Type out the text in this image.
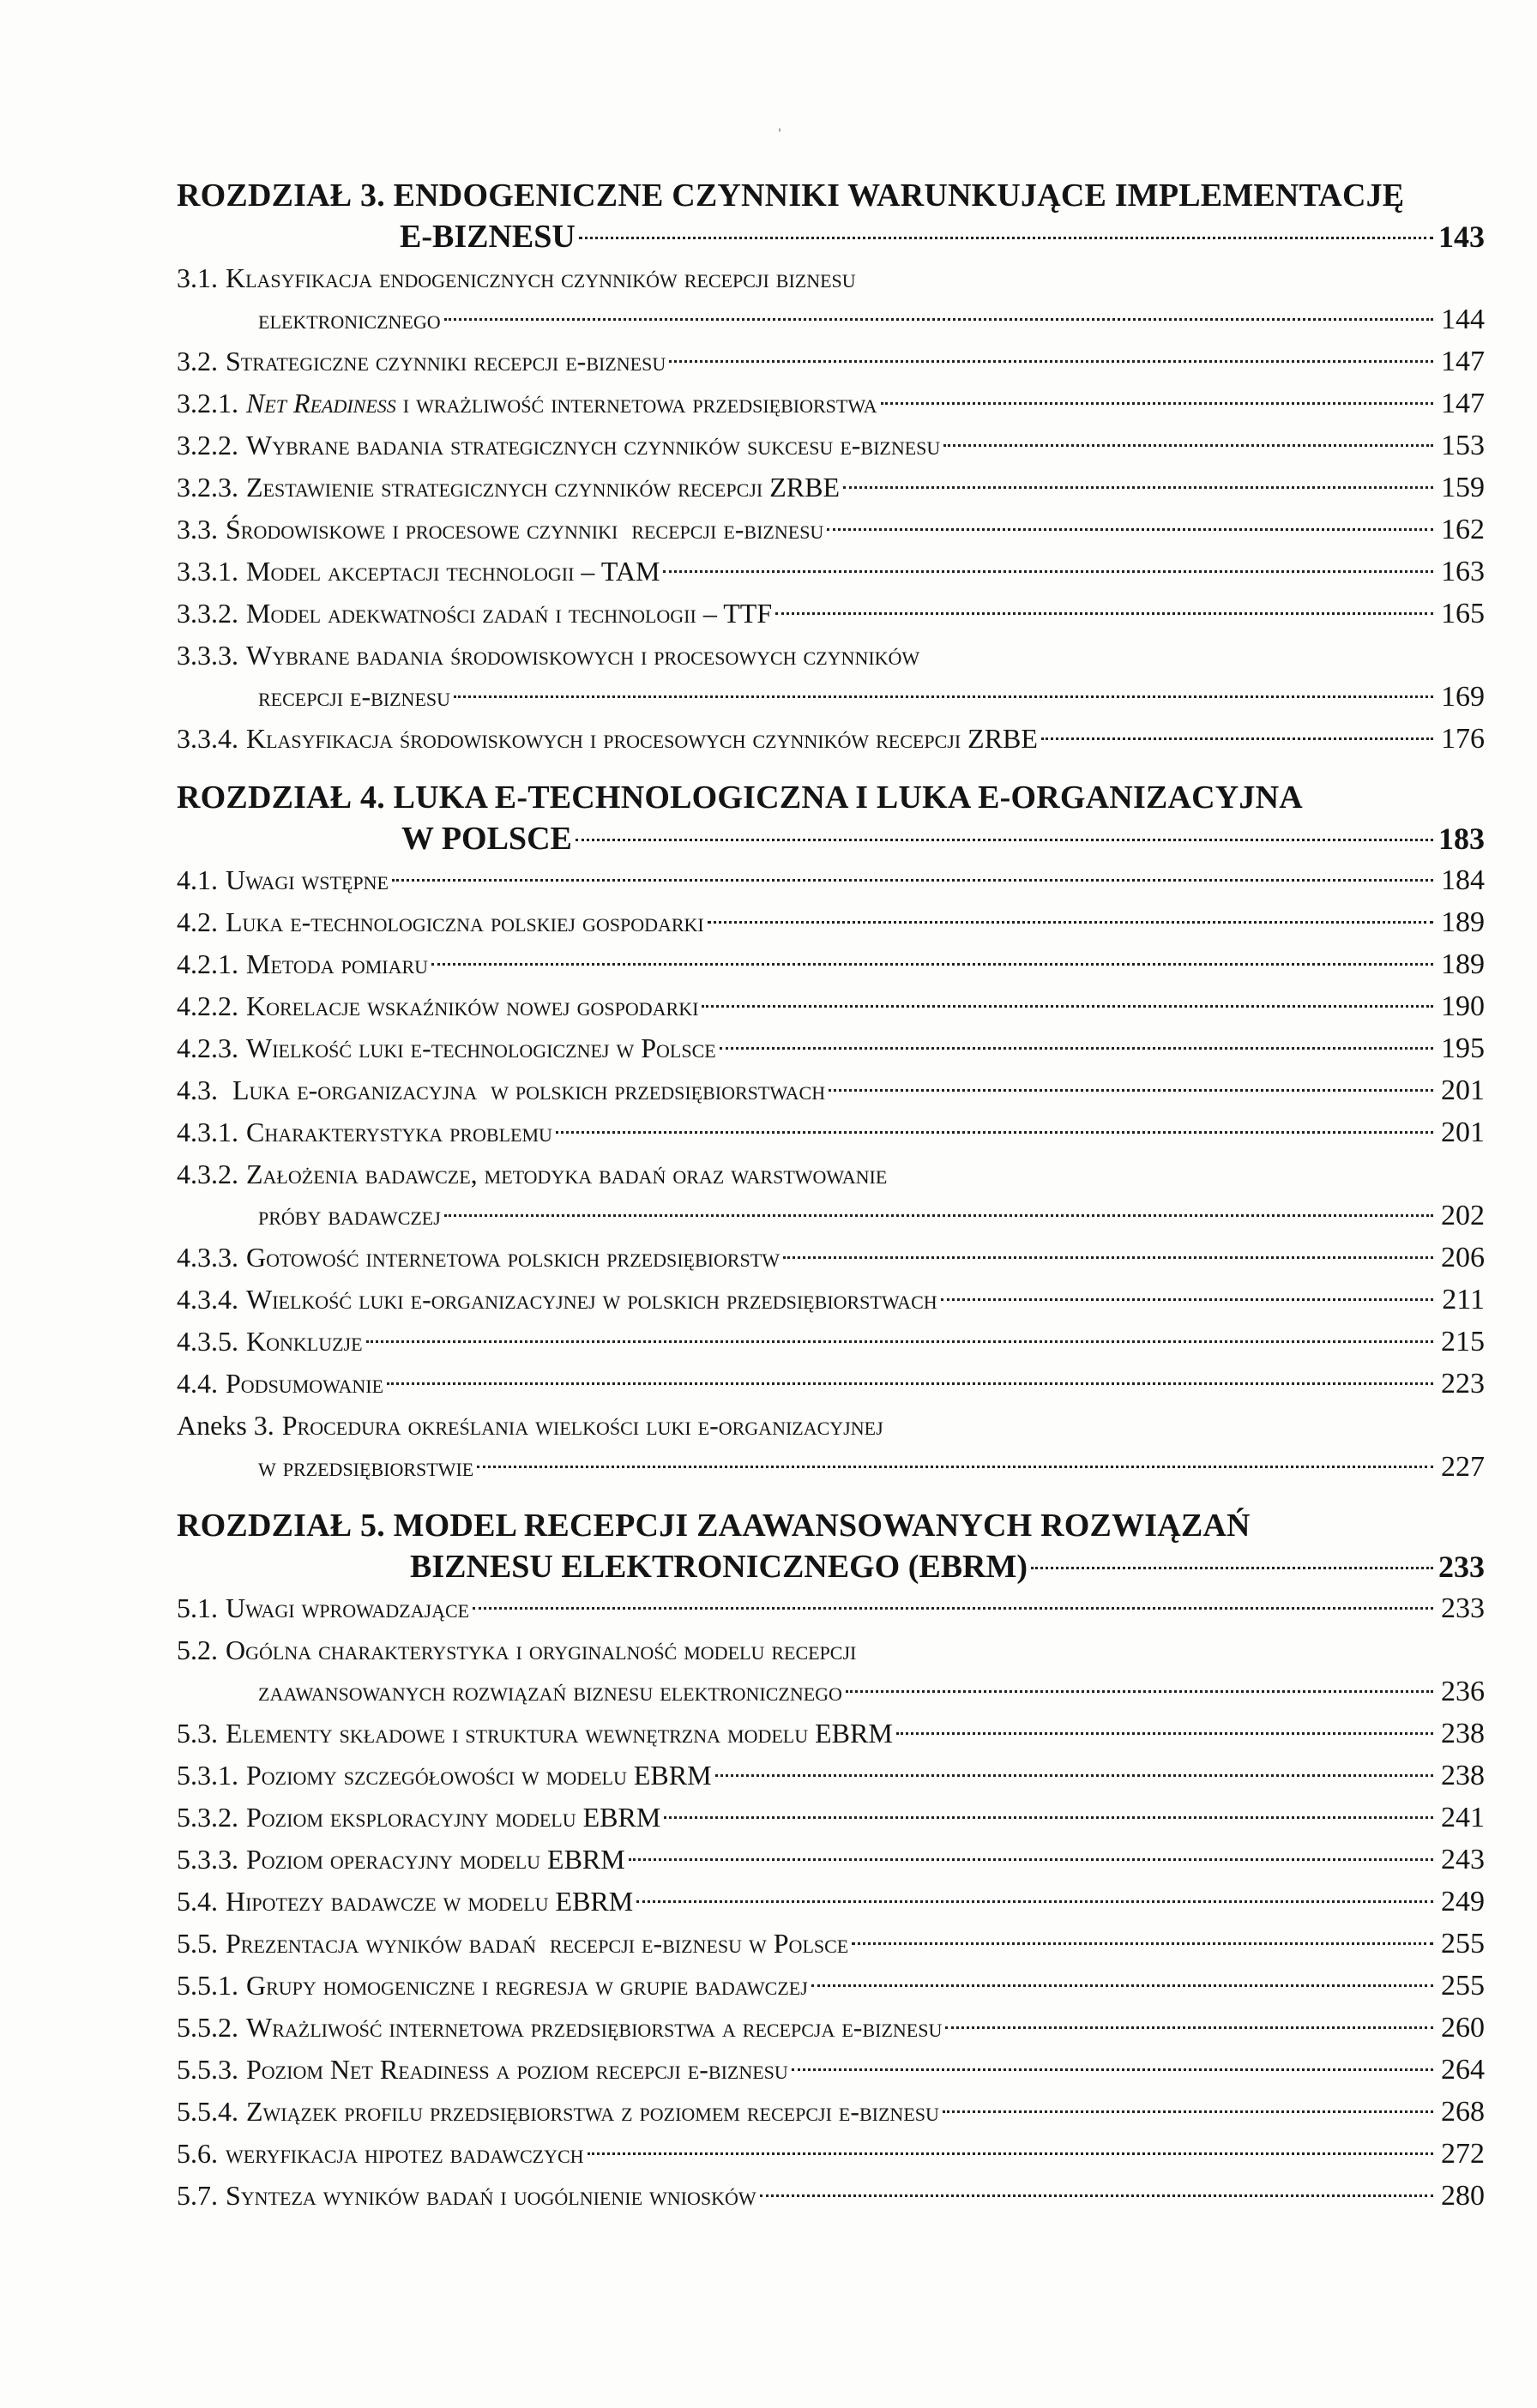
ˌ
ROZDZIAŁ 3. ENDOGENICZNE CZYNNIKI WARUNKUJĄCE IMPLEMENTACJĘ
E-BIZNESU	143
3.1. Klasyfikacja endogenicznych czynników recepcji biznesu
elektronicznego	144
3.2. Strategiczne czynniki recepcji e-biznesu	147
3.2.1. Net Readiness i wrażliwość internetowa przedsiębiorstwa	147
3.2.2. Wybrane badania strategicznych czynników sukcesu e-biznesu	153
3.2.3. Zestawienie strategicznych czynników recepcji ZRBE	159
3.3. Środowiskowe i procesowe czynniki  recepcji e-biznesu	162
3.3.1. Model akceptacji technologii – TAM	163
3.3.2. Model adekwatności zadań i technologii – TTF	165
3.3.3. Wybrane badania środowiskowych i procesowych czynników
recepcji e-biznesu	169
3.3.4. Klasyfikacja środowiskowych i procesowych czynników recepcji ZRBE	176
ROZDZIAŁ 4. LUKA E-TECHNOLOGICZNA I LUKA E-ORGANIZACYJNA
W POLSCE	183
4.1. Uwagi wstępne	184
4.2. Luka e-technologiczna polskiej gospodarki	189
4.2.1. Metoda pomiaru	189
4.2.2. Korelacje wskaźników nowej gospodarki	190
4.2.3. Wielkość luki e-technologicznej w Polsce	195
4.3. Luka e-organizacyjna  w polskich przedsiębiorstwach	201
4.3.1. Charakterystyka problemu	201
4.3.2. Założenia badawcze, metodyka badań oraz warstwowanie
próby badawczej	202
4.3.3. Gotowość internetowa polskich przedsiębiorstw	206
4.3.4. Wielkość luki e-organizacyjnej w polskich przedsiębiorstwach	211
4.3.5. Konkluzje	215
4.4. Podsumowanie	223
Aneks 3. Procedura określania wielkości luki e-organizacyjnej
w przedsiębiorstwie	227
ROZDZIAŁ 5. MODEL RECEPCJI ZAAWANSOWANYCH ROZWIĄZAŃ
BIZNESU ELEKTRONICZNEGO (EBRM)	233
5.1. Uwagi wprowadzające	233
5.2. Ogólna charakterystyka i oryginalność modelu recepcji
zaawansowanych rozwiązań biznesu elektronicznego	236
5.3. Elementy składowe i struktura wewnętrzna modelu EBRM	238
5.3.1. Poziomy szczegółowości w modelu EBRM	238
5.3.2. Poziom eksploracyjny modelu EBRM	241
5.3.3. Poziom operacyjny modelu EBRM	243
5.4. Hipotezy badawcze w modelu EBRM	249
5.5. Prezentacja wyników badań  recepcji e-biznesu w Polsce	255
5.5.1. Grupy homogeniczne i regresja w grupie badawczej	255
5.5.2. Wrażliwość internetowa przedsiębiorstwa a recepcja e-biznesu	260
5.5.3. Poziom Net Readiness a poziom recepcji e-biznesu	264
5.5.4. Związek profilu przedsiębiorstwa z poziomem recepcji e-biznesu	268
5.6. weryfikacja hipotez badawczych	272
5.7. Synteza wyników badań i uogólnienie wniosków	280
